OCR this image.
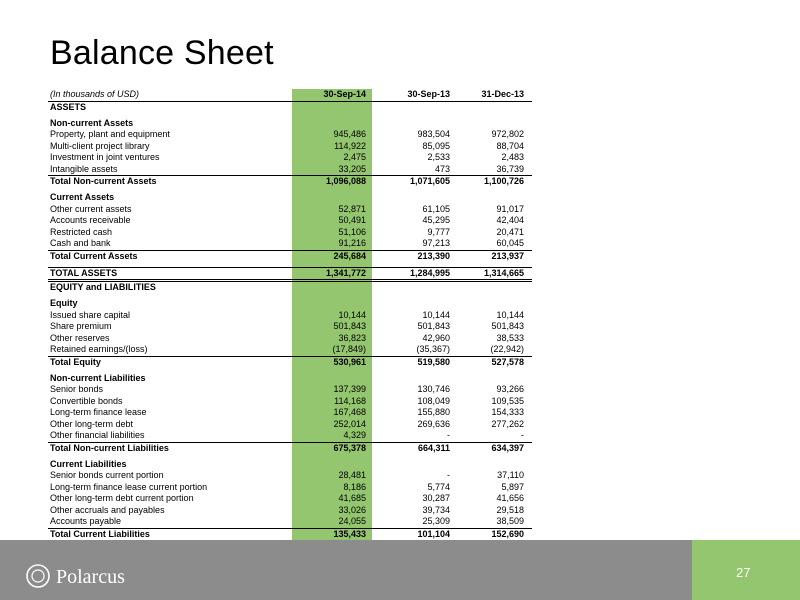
Balance Sheet
(In thousands of USD)	30-Sep-14	30-Sep-13	31-Dec-13
ASSETS
Non-current Assets
Property, plant and equipment	945,486	983,504	972,802
Multi-client project library	114,922	85,095	88,704
Investment in joint ventures	2,475	2,533	2,483
Intangible assets	33,205	473	36,739
Total Non-current Assets	1,096,088	1,071,605	1,100,726
Current Assets
Other current assets	52,871	61,105	91,017
Accounts receivable	50,491	45,295	42,404
Restricted cash	51,106	9,777	20,471
Cash and bank	91,216	97,213	60,045
Total Current Assets	245,684	213,390	213,937
TOTAL ASSETS	1,341,772	1,284,995	1,314,665
EQUITY and LIABILITIES
Equity
Issued share capital	10,144	10,144	10,144
Share premium	501,843	501,843	501,843
Other reserves	36,823	42,960	38,533
Retained earnings/(loss)	(17,849)	(35,367)	(22,942)
Total Equity	530,961	519,580	527,578
Non-current Liabilities
Senior bonds	137,399	130,746	93,266
Convertible bonds	114,168	108,049	109,535
Long-term finance lease	167,468	155,880	154,333
Other long-term debt	252,014	269,636	277,262
Other financial liabilities	4,329	-	-
Total Non-current Liabilities	675,378	664,311	634,397
Current Liabilities
Senior bonds current portion	28,481	-	37,110
Long-term finance lease current portion	8,186	5,774	5,897
Other long-term debt current portion	41,685	30,287	41,656
Other accruals and payables	33,026	39,734	29,518
Accounts payable	24,055	25,309	38,509
Total Current Liabilities	135,433	101,104	152,690
Polarcus	27
